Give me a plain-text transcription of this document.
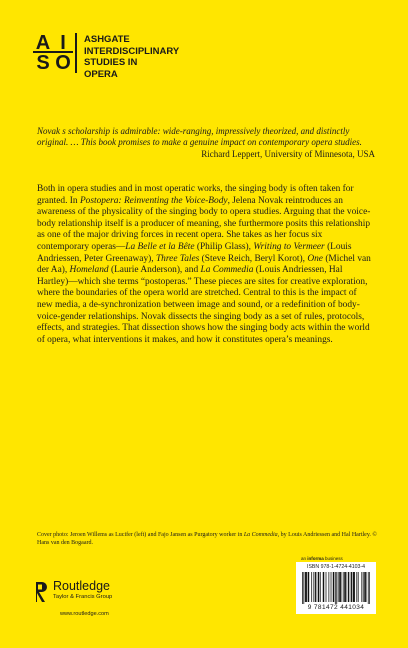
A I
S O
ASHGATE
INTERDISCIPLINARY
STUDIES IN
OPERA
Novak s scholarship is admirable: wide-ranging, impressively theorized, and distinctly original. … This book promises to make a genuine impact on contemporary opera studies.
Richard Leppert, University of Minnesota, USA
Both in opera studies and in most operatic works, the singing body is often taken for granted. In Postopera: Reinventing the Voice-Body, Jelena Novak reintroduces an awareness of the physicality of the singing body to opera studies. Arguing that the voice-body relationship itself is a producer of meaning, she furthermore posits this relationship as one of the major driving forces in recent opera. She takes as her focus six contemporary operas—La Belle et la Bête (Philip Glass), Writing to Vermeer (Louis Andriessen, Peter Greenaway), Three Tales (Steve Reich, Beryl Korot), One (Michel van der Aa), Homeland (Laurie Anderson), and La Commedia (Louis Andriessen, Hal Hartley)—which she terms “postoperas.” These pieces are sites for creative exploration, where the boundaries of the opera world are stretched. Central to this is the impact of new media, a de-synchronization between image and sound, or a redefinition of body-voice-gender relationships. Novak dissects the singing body as a set of rules, protocols, effects, and strategies. That dissection shows how the singing body acts within the world of opera, what interventions it makes, and how it constitutes opera’s meanings.
Cover photo: Jeroen Willems as Lucifer (left) and Fajo Jansen as Purgatory worker in La Commedia, by Louis Andriessen and Hal Hartley. © Hans van den Bogaard.
an informa business
ISBN 978-1-4724-4103-4
9 781472 441034
Routledge
Taylor & Francis Group
www.routledge.com
